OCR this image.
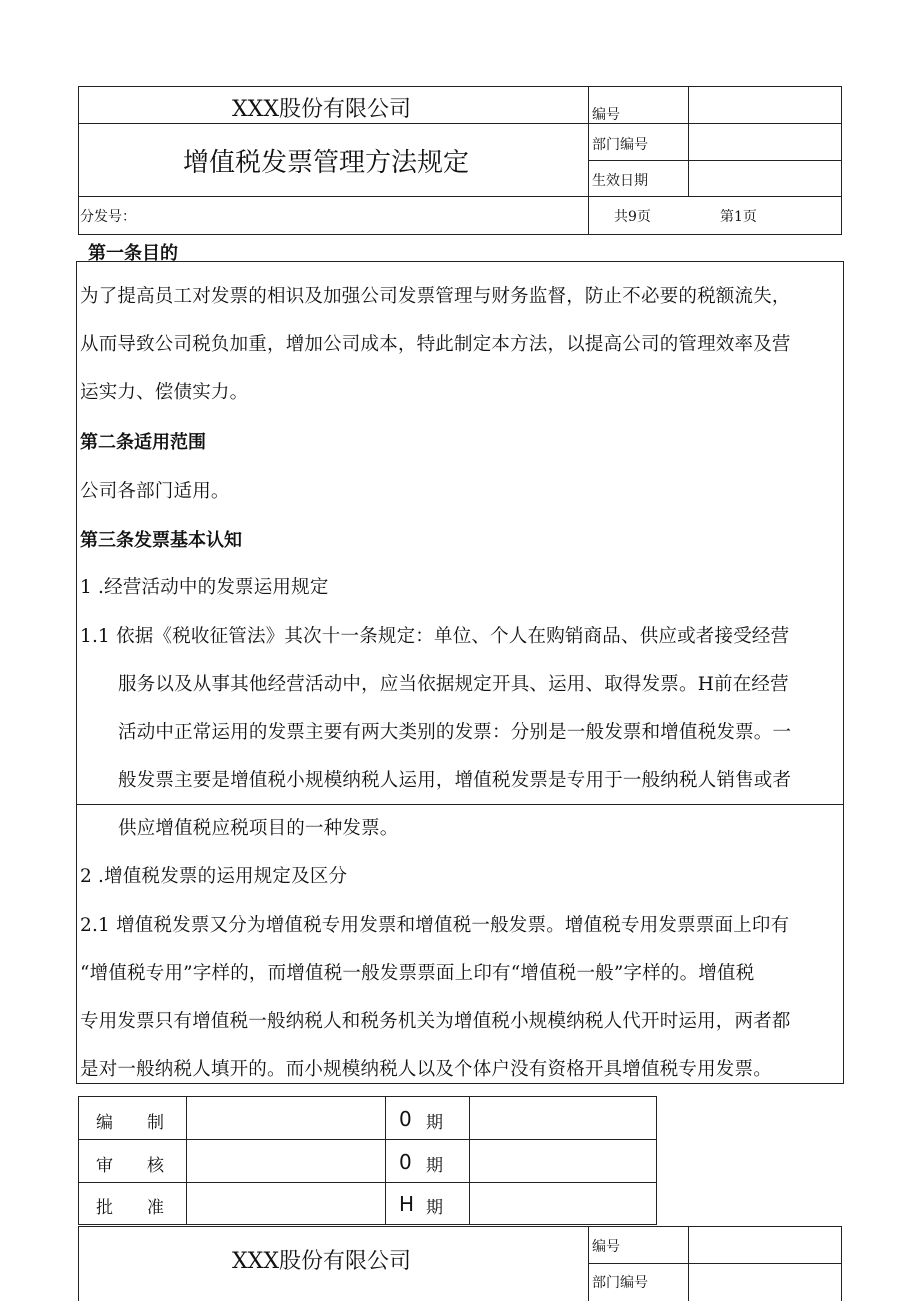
XXX股份有限公司
增值税发票管理方法规定
编号
部门编号
生效日期
分发号：	共9页	第1页
第一条目的
为了提高员工对发票的相识及加强公司发票管理与财务监督，防止不必要的税额流失，
从而导致公司税负加重，增加公司成本，特此制定本方法，以提高公司的管理效率及营
运实力、偿债实力。
第二条适用范围
公司各部门适用。
第三条发票基本认知
1 .经营活动中的发票运用规定
1.1 依据《税收征管法》其次十一条规定：单位、个人在购销商品、供应或者接受经营
服务以及从事其他经营活动中，应当依据规定开具、运用、取得发票。H前在经营
活动中正常运用的发票主要有两大类别的发票：分别是一般发票和增值税发票。一
般发票主要是增值税小规模纳税人运用，增值税发票是专用于一般纳税人销售或者
供应增值税应税项目的一种发票。
2 .增值税发票的运用规定及区分
2.1 增值税发票又分为增值税专用发票和增值税一般发票。增值税专用发票票面上印有
“增值税专用”字样的，而增值税一般发票票面上印有“增值税一般”字样的。增值税
专用发票只有增值税一般纳税人和税务机关为增值税小规模纳税人代开时运用，两者都
是对一般纳税人填开的。而小规模纳税人以及个体户没有资格开具增值税专用发票。
编　　制	0 期
审　　核	0 期
批　　准	H 期
XXX股份有限公司
编号
部门编号
